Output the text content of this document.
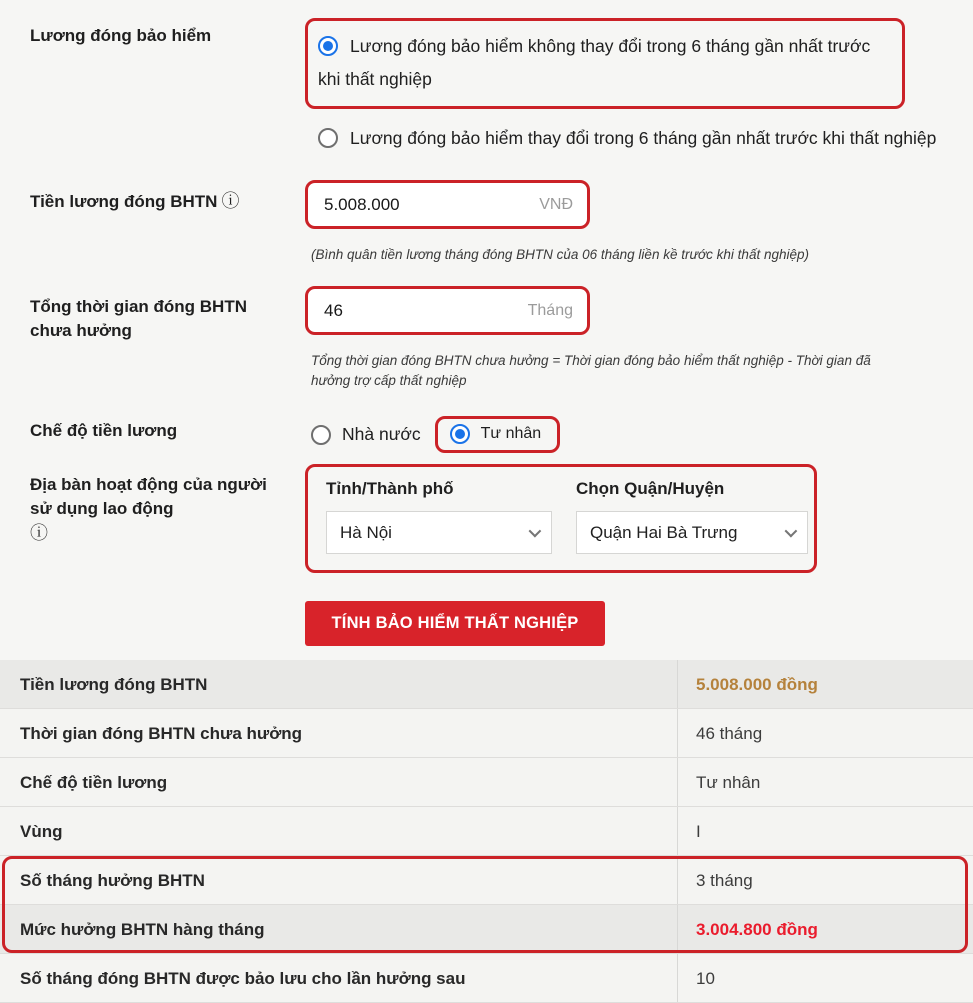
Lương đóng bảo hiểm
Lương đóng bảo hiểm không thay đổi trong 6 tháng gần nhất trước khi thất nghiệp
Lương đóng bảo hiểm thay đổi trong 6 tháng gần nhất trước khi thất nghiệp
Tiền lương đóng BHTN ⓘ
5.008.000	VNĐ
(Bình quân tiền lương tháng đóng BHTN của 06 tháng liền kề trước khi thất nghiệp)
Tổng thời gian đóng BHTN chưa hưởng
46
Tháng
Tổng thời gian đóng BHTN chưa hưởng = Thời gian đóng bảo hiểm thất nghiệp - Thời gian đã hưởng trợ cấp thất nghiệp
Chế độ tiền lương	Nhà nước	Tư nhân
Địa bàn hoạt động của người sử dụng lao động
ⓘ
Tỉnh/Thành phố
Hà Nội
Chọn Quận/Huyện
Quận Hai Bà Trưng
TÍNH BẢO HIỂM THẤT NGHIỆP
Tiền lương đóng BHTN	5.008.000 đồng
Thời gian đóng BHTN chưa hưởng	46 tháng
Chế độ tiền lương	Tư nhân
Vùng	I
Số tháng hưởng BHTN	3 tháng
Mức hưởng BHTN hàng tháng	3.004.800 đồng
Số tháng đóng BHTN được bảo lưu cho lần hưởng sau	10
